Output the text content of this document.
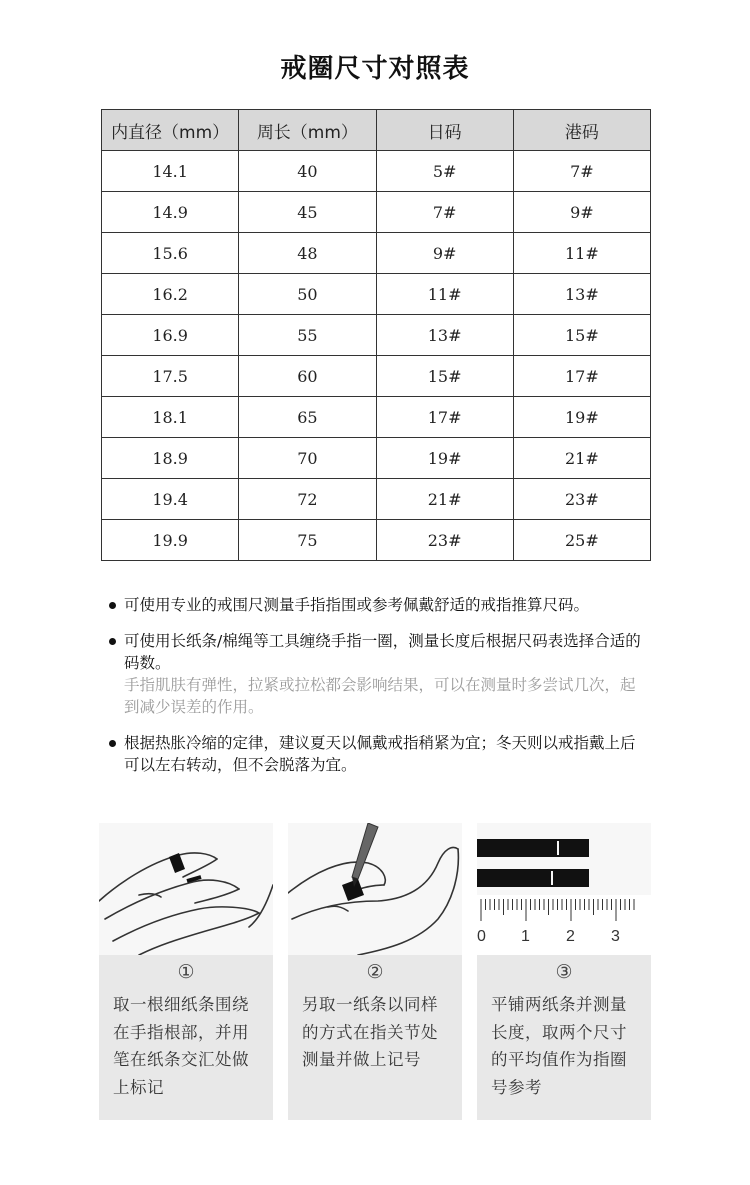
戒圈尺寸对照表
内直径（mm）	周长（mm）	日码	港码
14.1	40	5#	7#
14.9	45	7#	9#
15.6	48	9#	11#
16.2	50	11#	13#
16.9	55	13#	15#
17.5	60	15#	17#
18.1	65	17#	19#
18.9	70	19#	21#
19.4	72	21#	23#
19.9	75	23#	25#
可使用专业的戒围尺测量手指指围或参考佩戴舒适的戒指推算尺码。
可使用长纸条/棉绳等工具缠绕手指一圈，测量长度后根据尺码表选择合适的码数。
手指肌肤有弹性，拉紧或拉松都会影响结果，可以在测量时多尝试几次，起到减少误差的作用。
根据热胀冷缩的定律，建议夏天以佩戴戒指稍紧为宜；冬天则以戒指戴上后可以左右转动，但不会脱落为宜。
①
取一根细纸条围绕在手指根部，并用笔在纸条交汇处做上标记
②
另取一纸条以同样的方式在指关节处测量并做上记号
0 1 2 3
③
平铺两纸条并测量长度，取两个尺寸的平均值作为指圈号参考
